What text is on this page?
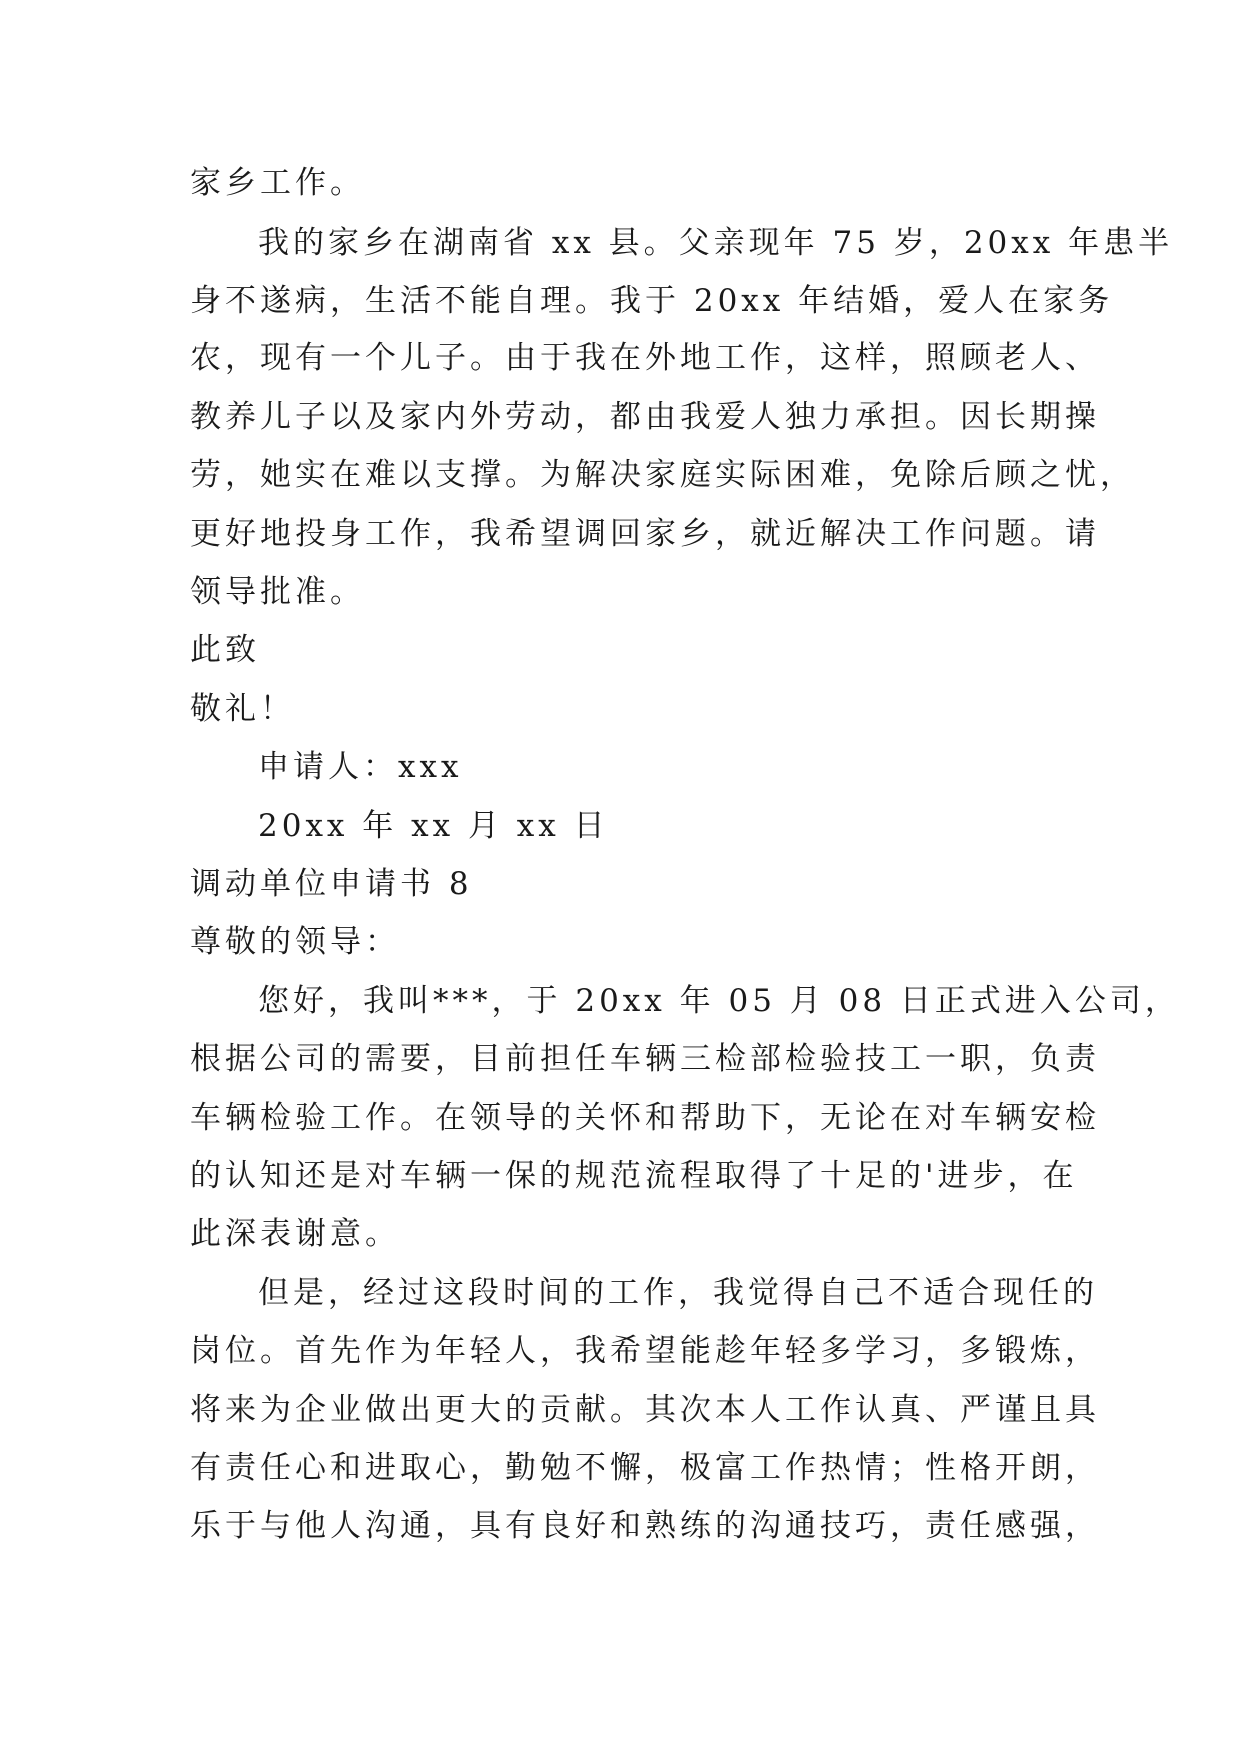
家乡工作。
我的家乡在湖南省 xx 县。父亲现年 75 岁，20xx 年患半
身不遂病，生活不能自理。我于 20xx 年结婚，爱人在家务
农，现有一个儿子。由于我在外地工作，这样，照顾老人、
教养儿子以及家内外劳动，都由我爱人独力承担。因长期操
劳，她实在难以支撑。为解决家庭实际困难，免除后顾之忧，
更好地投身工作，我希望调回家乡，就近解决工作问题。请
领导批准。
此致
敬礼！
申请人：xxx
20xx 年 xx 月 xx 日
调动单位申请书 8
尊敬的领导：
您好，我叫***，于 20xx 年 05 月 08 日正式进入公司，
根据公司的需要，目前担任车辆三检部检验技工一职，负责
车辆检验工作。在领导的关怀和帮助下，无论在对车辆安检
的认知还是对车辆一保的规范流程取得了十足的'进步，在
此深表谢意。
但是，经过这段时间的工作，我觉得自己不适合现任的
岗位。首先作为年轻人，我希望能趁年轻多学习，多锻炼，
将来为企业做出更大的贡献。其次本人工作认真、严谨且具
有责任心和进取心，勤勉不懈，极富工作热情；性格开朗，
乐于与他人沟通，具有良好和熟练的沟通技巧，责任感强，
